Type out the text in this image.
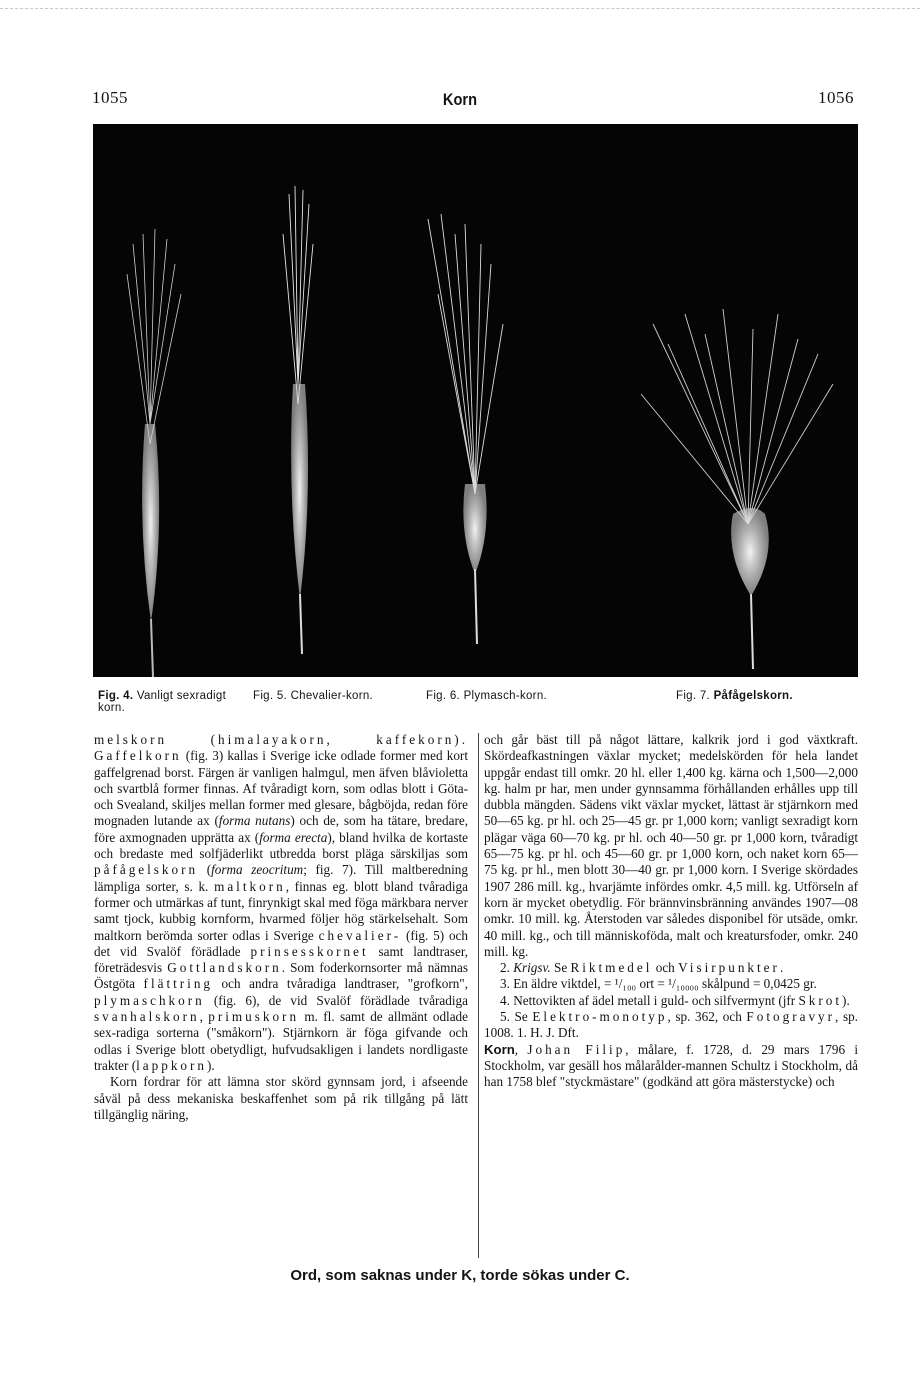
1055	Korn	1056
Fig. 4. Vanligt sexradigt korn.
Fig. 5. Chevalier-korn.	Fig. 6. Plymasch-korn.	Fig. 7. Påfågelskorn.

melskorn (himalayakorn, kaffekorn). Gaffelkorn (fig. 3) kallas i Sverige icke odlade former med kort gaffelgrenad borst. Färgen är vanligen halmgul, men äfven blåvioletta och svartblå former finnas. Af tvåradigt korn, som odlas blott i Göta- och Svealand, skiljes mellan former med glesare, bågböjda, redan före mognaden lutande ax (forma nutans) och de, som ha tätare, bredare, före axmognaden upprätta ax (forma erecta), bland hvilka de kortaste och bredaste med solfjäderlikt utbredda borst pläga särskiljas som påfågelskorn (forma zeocritum; fig. 7). Till maltberedning lämpliga sorter, s. k. maltkorn, finnas eg. blott bland tvåradiga former och utmärkas af tunt, finrynkigt skal med föga märkbara nerver samt tjock, kubbig kornform, hvarmed följer hög stärkelsehalt. Som maltkorn berömda sorter odlas i Sverige chevalier- (fig. 5) och det vid Svalöf förädlade prinsesskornet samt landtraser, företrädesvis Gottlandskorn. Som foderkornsorter må nämnas Östgöta flättring och andra tvåradiga landtraser, "grofkorn", plymaschkorn (fig. 6), de vid Svalöf förädlade tvåradiga svanhalskorn, primuskorn m. fl. samt de allmänt odlade sex-radiga sorterna ("småkorn"). Stjärnkorn är föga gifvande och odlas i Sverige blott obetydligt, hufvudsakligen i landets nordligaste trakter (lappkorn).

Korn fordrar för att lämna stor skörd gynnsam jord, i afseende såväl på dess mekaniska beskaffenhet som på rik tillgång på lätt tillgänglig näring,

och går bäst till på något lättare, kalkrik jord i god växtkraft. Skördeafkastningen växlar mycket; medelskörden för hela landet uppgår endast till omkr. 20 hl. eller 1,400 kg. kärna och 1,500—2,000 kg. halm pr har, men under gynnsamma förhållanden erhålles upp till dubbla mängden. Sädens vikt växlar mycket, lättast är stjärnkorn med 50—65 kg. pr hl. och 25—45 gr. pr 1,000 korn; vanligt sexradigt korn plägar väga 60—70 kg. pr hl. och 40—50 gr. pr 1,000 korn, tvåradigt 65—75 kg. pr hl. och 45—60 gr. pr 1,000 korn, och naket korn 65—75 kg. pr hl., men blott 30—40 gr. pr 1,000 korn. I Sverige skördades 1907 286 mill. kg., hvarjämte infördes omkr. 4,5 mill. kg. Utförseln af korn är mycket obetydlig. För brännvinsbränning användes 1907—08 omkr. 10 mill. kg. Återstoden var således disponibel för utsäde, omkr. 40 mill. kg., och till människoföda, malt och kreatursfoder, omkr. 240 mill. kg.

2. Krigsv. Se Riktmedel och Visirpunkter.

3. En äldre viktdel, = ¹/₁₀₀ ort = ¹/₁₀₀₀₀ skålpund = 0,0425 gr.

4. Nettovikten af ädel metall i guld- och silfvermynt (jfr Skrot).

5. Se Elektro-monotyp, sp. 362, och Fotogravyr, sp. 1008. 1. H. J. Dft.

Korn, Johan Filip, målare, f. 1728, d. 29 mars 1796 i Stockholm, var gesäll hos målarålder-mannen Schultz i Stockholm, då han 1758 blef "styckmästare" (godkänd att göra mästerstycke) och

Ord, som saknas under K, torde sökas under C.
